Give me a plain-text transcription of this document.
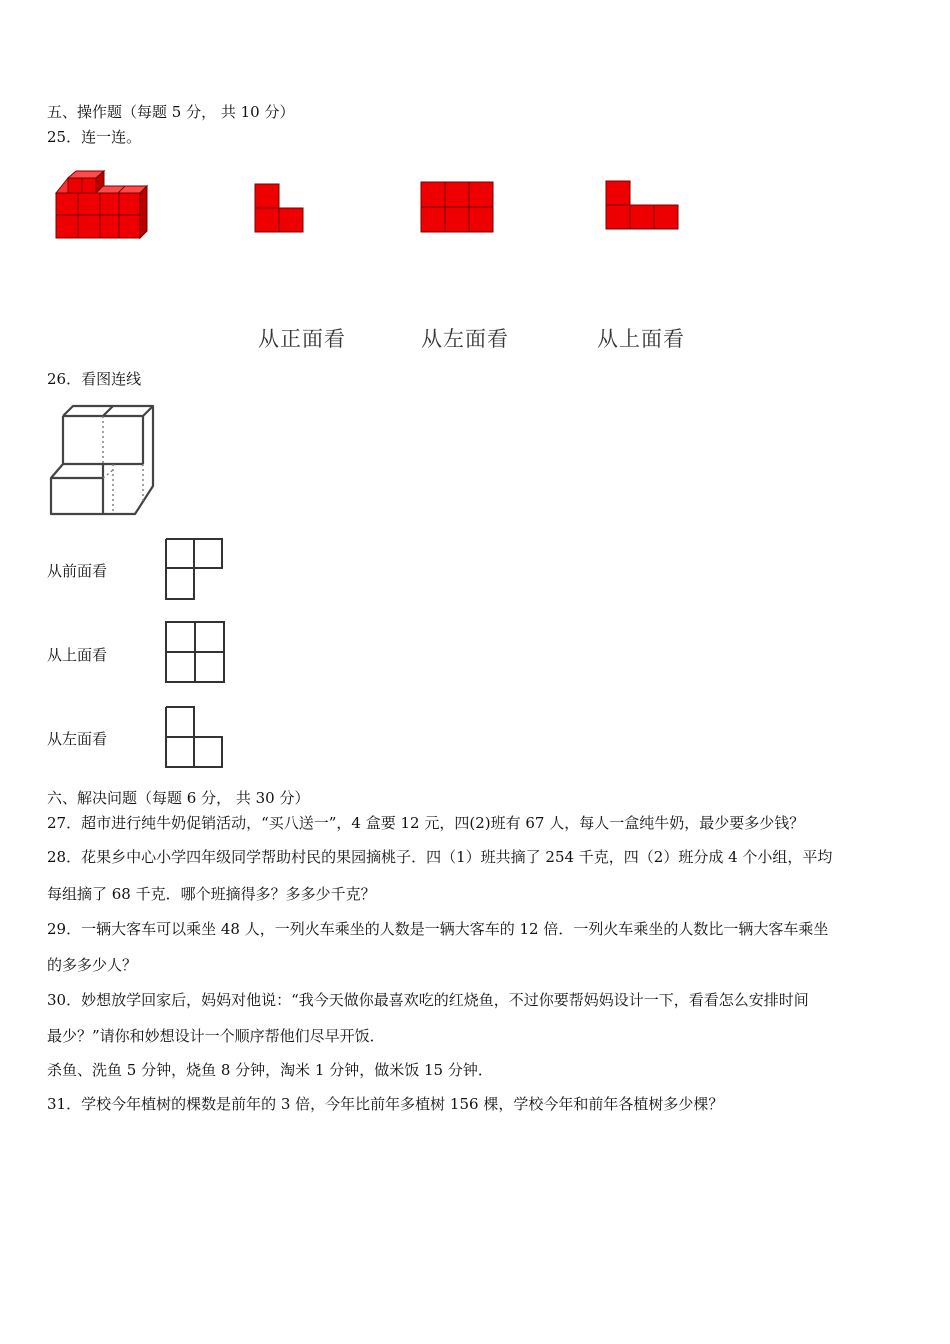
五、操作题（每题 5 分， 共 10 分）

25．连一连。

从正面看	从左面看	从上面看

26．看图连线

从前面看
从上面看
从左面看

六、解决问题（每题 6 分， 共 30 分）

27．超市进行纯牛奶促销活动，“买八送一”，4 盒要 12 元，四(2)班有 67 人，每人一盒纯牛奶，最少要多少钱？

28．花果乡中心小学四年级同学帮助村民的果园摘桃子．四（1）班共摘了 254 千克，四（2）班分成 4 个小组，平均

每组摘了 68 千克．哪个班摘得多？多多少千克？

29．一辆大客车可以乘坐 48 人，一列火车乘坐的人数是一辆大客车的 12 倍．一列火车乘坐的人数比一辆大客车乘坐

的多多少人？

30．妙想放学回家后，妈妈对他说：“我今天做你最喜欢吃的红烧鱼，不过你要帮妈妈设计一下，看看怎么安排时间

最少？”请你和妙想设计一个顺序帮他们尽早开饭．

杀鱼、洗鱼 5 分钟，烧鱼 8 分钟，淘米 1 分钟，做米饭 15 分钟．

31．学校今年植树的棵数是前年的 3 倍，今年比前年多植树 156 棵，学校今年和前年各植树多少棵？
